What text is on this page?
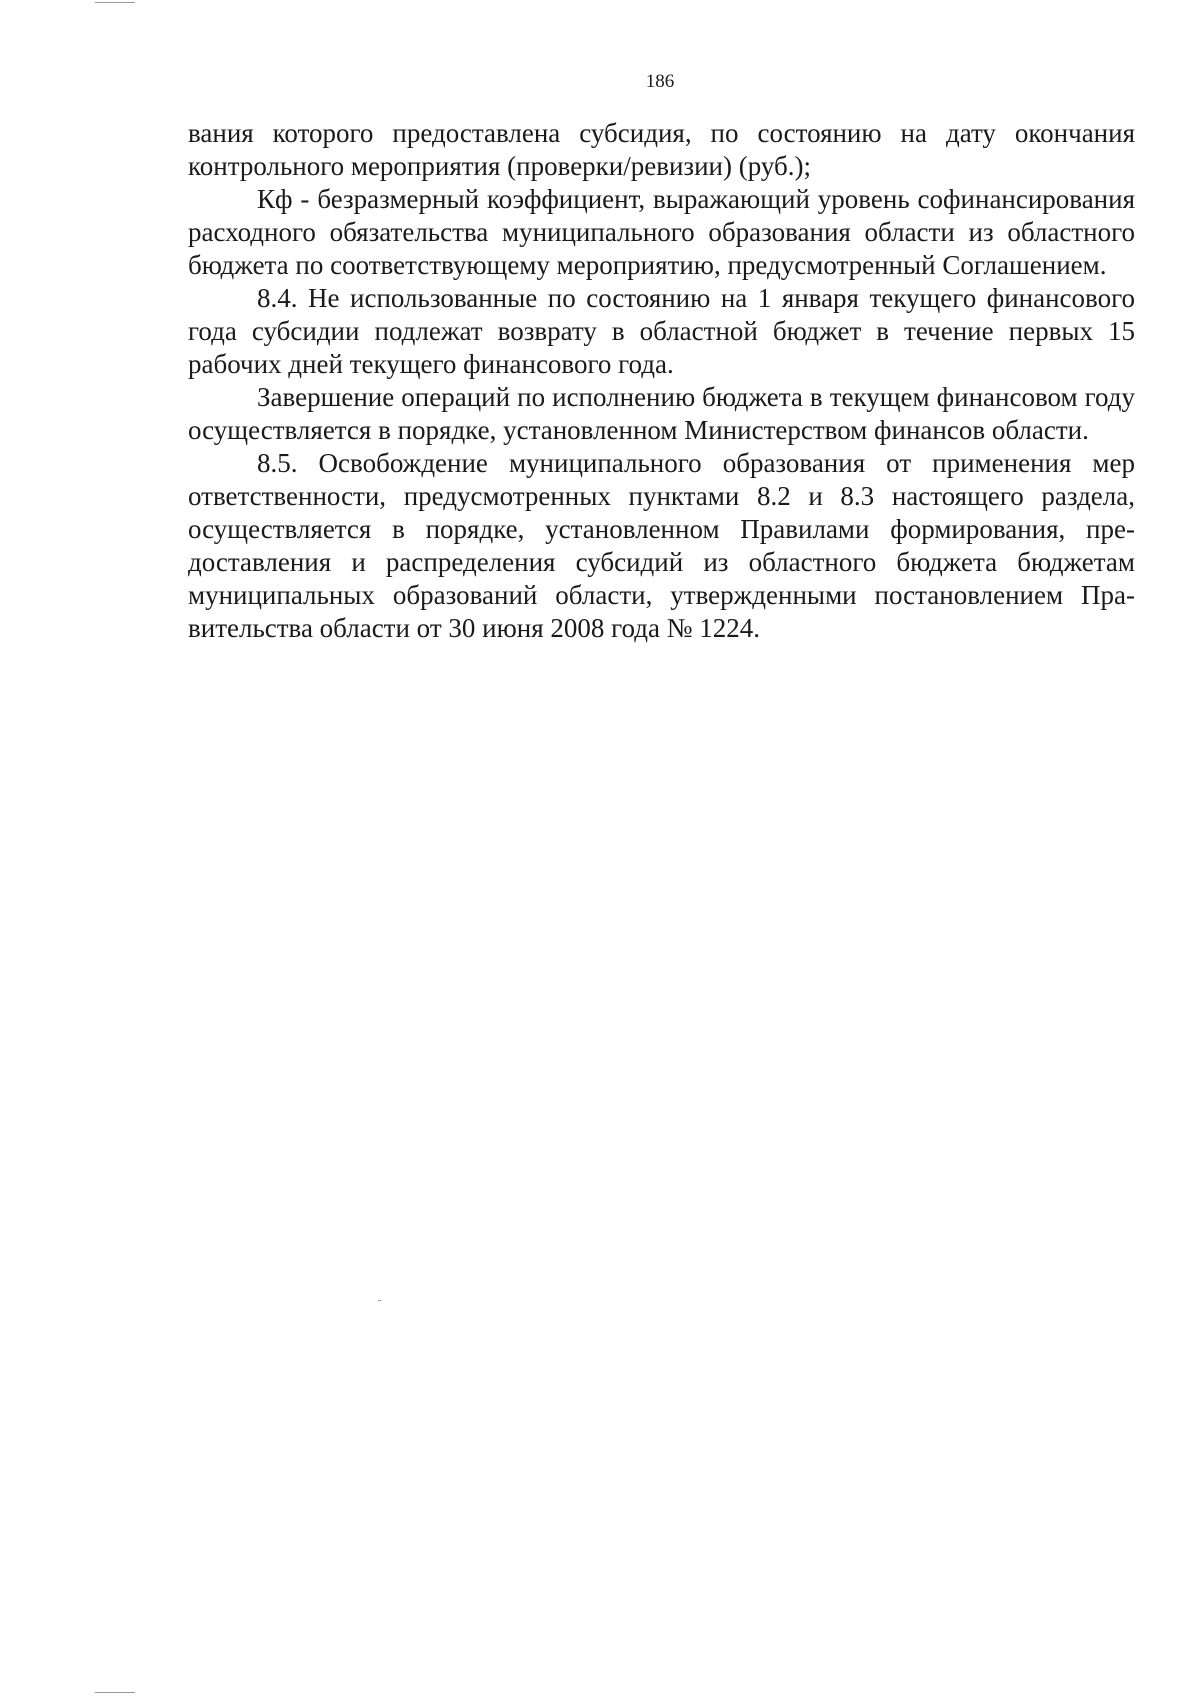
186

вания которого предоставлена субсидия, по состоянию на дату окончания контрольного мероприятия (проверки/ревизии) (руб.);

Кф - безразмерный коэффициент, выражающий уровень софинансирования расходного обязательства муниципального образования области из областного бюджета по соответствующему мероприятию, предусмотренный Соглашением.

8.4. Не использованные по состоянию на 1 января текущего финансового года субсидии подлежат возврату в областной бюджет в течение первых 15 рабочих дней текущего финансового года.

Завершение операций по исполнению бюджета в текущем финансовом году осуществляется в порядке, установленном Министерством финансов области.

8.5. Освобождение муниципального образования от применения мер ответственности, предусмотренных пунктами 8.2 и 8.3 настоящего раздела, осуществляется в порядке, установленном Правилами формирования, предоставления и распределения субсидий из областного бюджета бюджетам муниципальных образований области, утвержденными постановлением Правительства области от 30 июня 2008 года № 1224.
